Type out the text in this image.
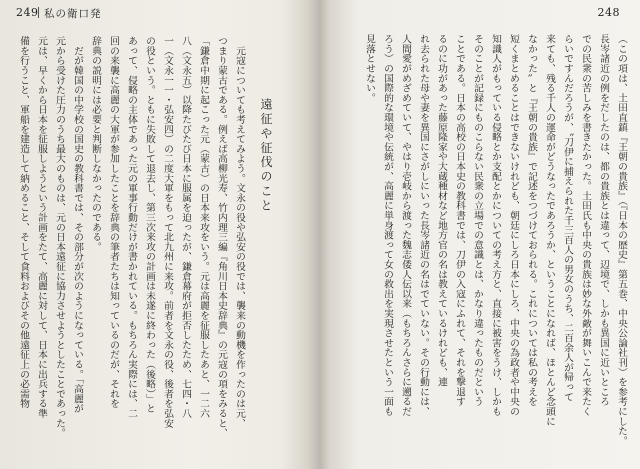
249 私の衛口発	248
遠征や征伐のこと
　元寇についても考えてみよう。文永の役や弘安の役では、襲来の動機を作ったのは元、
つまり蒙古である。例えば高柳光寿、竹内理三編『角川日本史辞典』の元寇の項をみると、
「鎌倉中期に起こった元（蒙古）の日本来攻をいう。元は高麗を征服したあと、一二六
八（文永五）以降たびたび日本に服属を迫ったが、鎌倉幕府が拒否したため、七四・八
一（文永一一・弘安四）の二度大軍をもって北九州に来攻。前者を文永の役、後者を弘安
の役という。ともに失敗して退去し、第三次来攻の計画は未遂に終わった（後略）」と
あって、侵略の主体であった元の軍事行動だけが書かれている。もちろん実際には、二
回の来襲に高麗の大軍が参加したことを辞典の筆者たちは知っているのだが、それを
辞典の説明には必要と判断しなかったのである。
　だが韓国の中学校の国史の教科書では、その部分が次のようになっている。「高麗が
元から受けた圧力のうち最大のものは、元の日本遠征に協力させようとしたことであった。
元は、早くから日本を征服しようという計画をたて、高麗に対して、日本に出兵する準
備を行うこと、軍船を建造して納めること、そして食料およびその他遠征上の必需物	（この項は、土田直鎮『王朝の貴族』（『日本の歴史』第五巻、中央公論社刊）を参考にした。
長岑諸近の例をだしたのは、都の貴族とは違って、辺境で、しかも異国に近いところ
での民衆の苦しみを書きたかった。土田氏も中央の貴族は妙な外敵が舞いこんで来たく
らいですんだろうが、〝刀伊に捕えられた千三百人の男女のうち、二百余人が帰って
来ても、残る千人の運命がどうなったであろうか、ということになれば、ほとんど念頭に
なかった〟と『王朝の貴族』で記述をつづけておられる。これについては私の考えを
短くまとめることはできないけれども、朝廷にしろ日本にしろ、中央の為政者や中央の
知識人がもっている侵略とか支配とかについての考え方と、直接に被害をうけ、しかも
そのことが記録にものこらない民衆の立場での意識とは、かなり違ったものだという
ことである。日本の高校の日本史の教科書では、刀伊の入寇にふれて、それを撃退す
るのに功があった藤原隆家や大蔵種材など地方官の名は教えているけれども、連
れ去られた母や妻を異国にさがしにいった長岑諸近の名はでていない。その行動には、
人間愛がめざめていて、やはり壱岐から渡った魏志倭人伝以来（もちろんさらに遡るだ
ろう）の国際的な環境や伝統が、高麗に単身渡って女の救出を実現させたという一面も
見落とせない。
